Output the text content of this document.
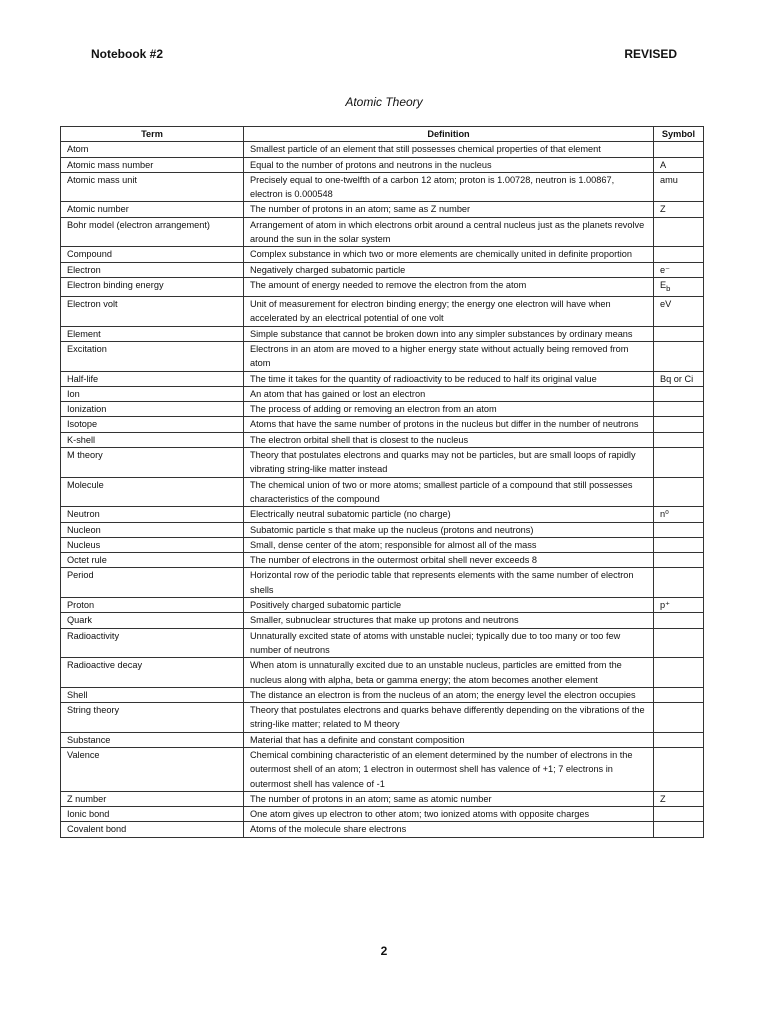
Notebook #2	REVISED
Atomic Theory
Term	Definition	Symbol
Atom	Smallest particle of an element that still possesses chemical properties of that element	
Atomic mass number	Equal to the number of protons and neutrons in the nucleus	A
Atomic mass unit	Precisely equal to one-twelfth of a carbon 12 atom; proton is 1.00728, neutron is 1.00867, electron is 0.000548	amu
Atomic number	The number of protons in an atom; same as Z number	Z
Bohr model (electron arrangement)	Arrangement of atom in which electrons orbit around a central nucleus just as the planets revolve around the sun in the solar system	
Compound	Complex substance in which two or more elements are chemically united in definite proportion	
Electron	Negatively charged subatomic particle	e⁻
Electron binding energy	The amount of energy needed to remove the electron from the atom	$E_b$
Electron volt	Unit of measurement for electron binding energy; the energy one electron will have when accelerated by an electrical potential of one volt	eV
Element	Simple substance that cannot be broken down into any simpler substances by ordinary means	
Excitation	Electrons in an atom are moved to a higher energy state without actually being removed from atom	
Half-life	The time it takes for the quantity of radioactivity to be reduced to half its original value	Bq or Ci
Ion	An atom that has gained or lost an electron	
Ionization	The process of adding or removing an electron from an atom	
Isotope	Atoms that have the same number of protons in the nucleus but differ in the number of neutrons	
K-shell	The electron orbital shell that is closest to the nucleus	
M theory	Theory that postulates electrons and quarks may not be particles, but are small loops of rapidly vibrating string-like matter instead	
Molecule	The chemical union of two or more atoms; smallest particle of a compound that still possesses characteristics of the compound	
Neutron	Electrically neutral subatomic particle (no charge)	n⁰
Nucleon	Subatomic particle s that make up the nucleus (protons and neutrons)	
Nucleus	Small, dense center of the atom; responsible for almost all of the mass	
Octet rule	The number of electrons in the outermost orbital shell never exceeds 8	
Period	Horizontal row of the periodic table that represents elements with the same number of electron shells	
Proton	Positively charged subatomic particle	p⁺
Quark	Smaller, subnuclear structures that make up protons and neutrons	
Radioactivity	Unnaturally excited state of atoms with unstable nuclei; typically due to too many or too few number of neutrons	
Radioactive decay	When atom is unnaturally excited due to an unstable nucleus, particles are emitted from the nucleus along with alpha, beta or gamma energy; the atom becomes another element	
Shell	The distance an electron is from the nucleus of an atom; the energy level the electron occupies	
String theory	Theory that postulates electrons and quarks behave differently depending on the vibrations of the string-like matter; related to M theory	
Substance	Material that has a definite and constant composition	
Valence	Chemical combining characteristic of an element determined by the number of electrons in the outermost shell of an atom; 1 electron in outermost shell has valence of +1; 7 electrons in outermost shell has valence of -1	
Z number	The number of protons in an atom; same as atomic number	Z
Ionic bond	One atom gives up electron to other atom; two ionized atoms with opposite charges	
Covalent bond	Atoms of the molecule share electrons	
2
